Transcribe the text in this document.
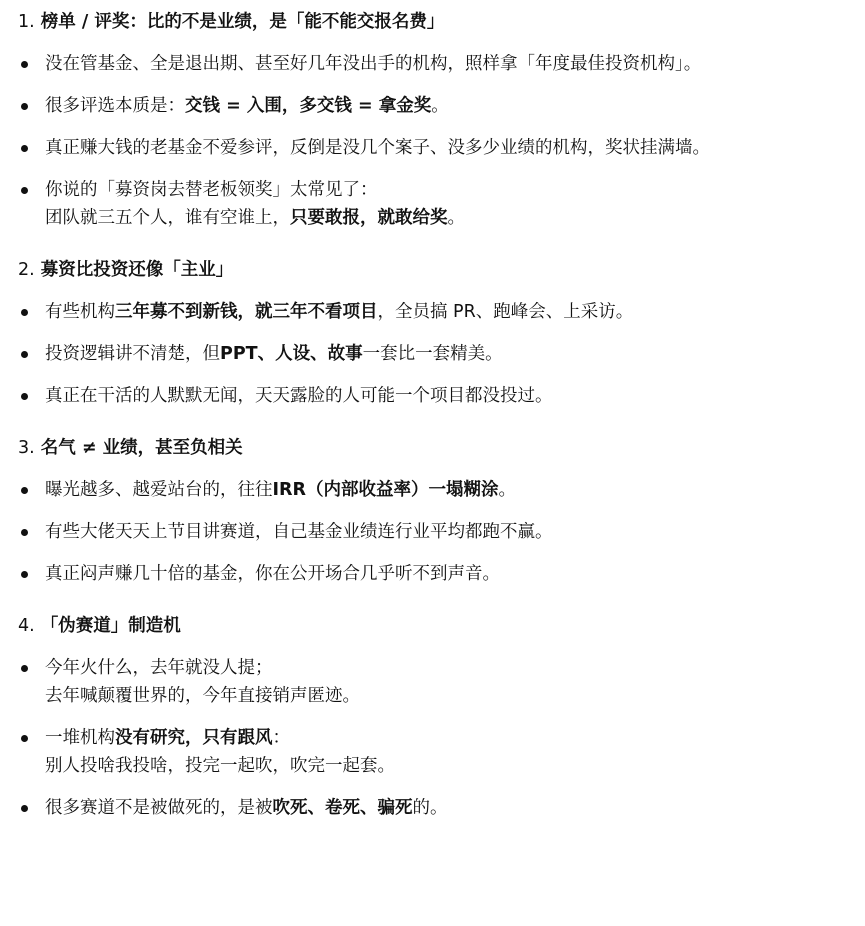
1. 榜单 / 评奖：比的不是业绩，是「能不能交报名费」
没在管基金、全是退出期、甚至好几年没出手的机构，照样拿「年度最佳投资机构」。
很多评选本质是：交钱 = 入围，多交钱 = 拿金奖。
真正赚大钱的老基金不爱参评，反倒是没几个案子、没多少业绩的机构，奖状挂满墙。
你说的「募资岗去替老板领奖」太常见了：
团队就三五个人，谁有空谁上，只要敢报，就敢给奖。
2. 募资比投资还像「主业」
有些机构三年募不到新钱，就三年不看项目，全员搞 PR、跑峰会、上采访。
投资逻辑讲不清楚，但PPT、人设、故事一套比一套精美。
真正在干活的人默默无闻，天天露脸的人可能一个项目都没投过。
3. 名气 ≠ 业绩，甚至负相关
曝光越多、越爱站台的，往往IRR（内部收益率）一塌糊涂。
有些大佬天天上节目讲赛道，自己基金业绩连行业平均都跑不赢。
真正闷声赚几十倍的基金，你在公开场合几乎听不到声音。
4. 「伪赛道」制造机
今年火什么，去年就没人提；
去年喊颠覆世界的，今年直接销声匿迹。
一堆机构没有研究，只有跟风：
别人投啥我投啥，投完一起吹，吹完一起套。
很多赛道不是被做死的，是被吹死、卷死、骗死的。
